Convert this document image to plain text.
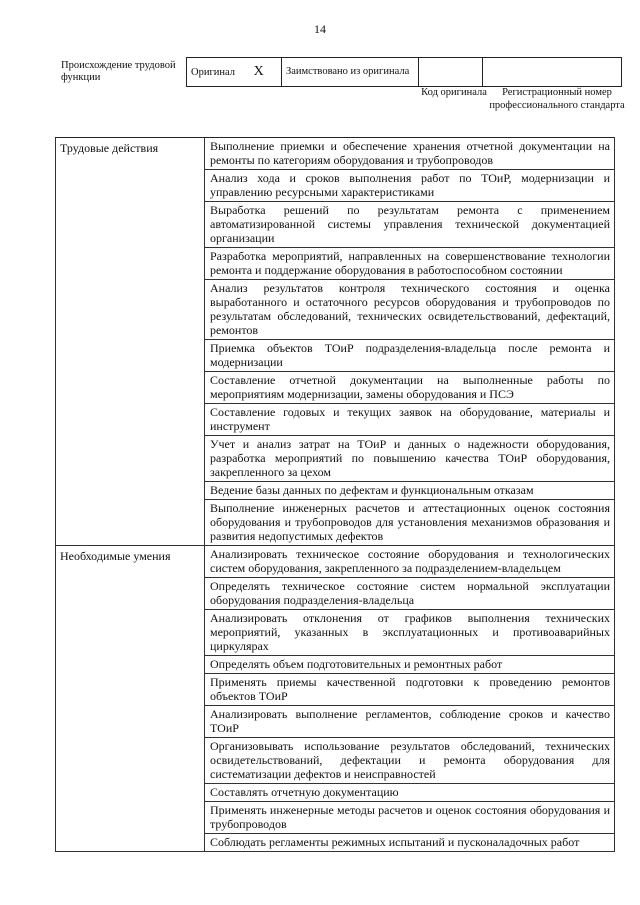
14
Происхождение трудовой функции	Оригинал X	Заимствовано из оригинала		
Код оригинала	Регистрационный номер профессионального стандарта
Трудовые действия	Выполнение приемки и обеспечение хранения отчетной документации на ремонты по категориям оборудования и трубопроводов
	Анализ хода и сроков выполнения работ по ТОиР, модернизации и управлению ресурсными характеристиками
	Выработка решений по результатам ремонта с применением автоматизированной системы управления технической документацией организации
	Разработка мероприятий, направленных на совершенствование технологии ремонта и поддержание оборудования в работоспособном состоянии
	Анализ результатов контроля технического состояния и оценка выработанного и остаточного ресурсов оборудования и трубопроводов по результатам обследований, технических освидетельствований, дефектаций, ремонтов
	Приемка объектов ТОиР подразделения-владельца после ремонта и модернизации
	Составление отчетной документации на выполненные работы по мероприятиям модернизации, замены оборудования и ПСЭ
	Составление годовых и текущих заявок на оборудование, материалы и инструмент
	Учет и анализ затрат на ТОиР и данных о надежности оборудования, разработка мероприятий по повышению качества ТОиР оборудования, закрепленного за цехом
	Ведение базы данных по дефектам и функциональным отказам
	Выполнение инженерных расчетов и аттестационных оценок состояния оборудования и трубопроводов для установления механизмов образования и развития недопустимых дефектов
Необходимые умения	Анализировать техническое состояние оборудования и технологических систем оборудования, закрепленного за подразделением-владельцем
	Определять техническое состояние систем нормальной эксплуатации оборудования подразделения-владельца
	Анализировать отклонения от графиков выполнения технических мероприятий, указанных в эксплуатационных и противоаварийных циркулярах
	Определять объем подготовительных и ремонтных работ
	Применять приемы качественной подготовки к проведению ремонтов объектов ТОиР
	Анализировать выполнение регламентов, соблюдение сроков и качество ТОиР
	Организовывать использование результатов обследований, технических освидетельствований, дефектации и ремонта оборудования для систематизации дефектов и неисправностей
	Составлять отчетную документацию
	Применять инженерные методы расчетов и оценок состояния оборудования и трубопроводов
	Соблюдать регламенты режимных испытаний и пусконаладочных работ
